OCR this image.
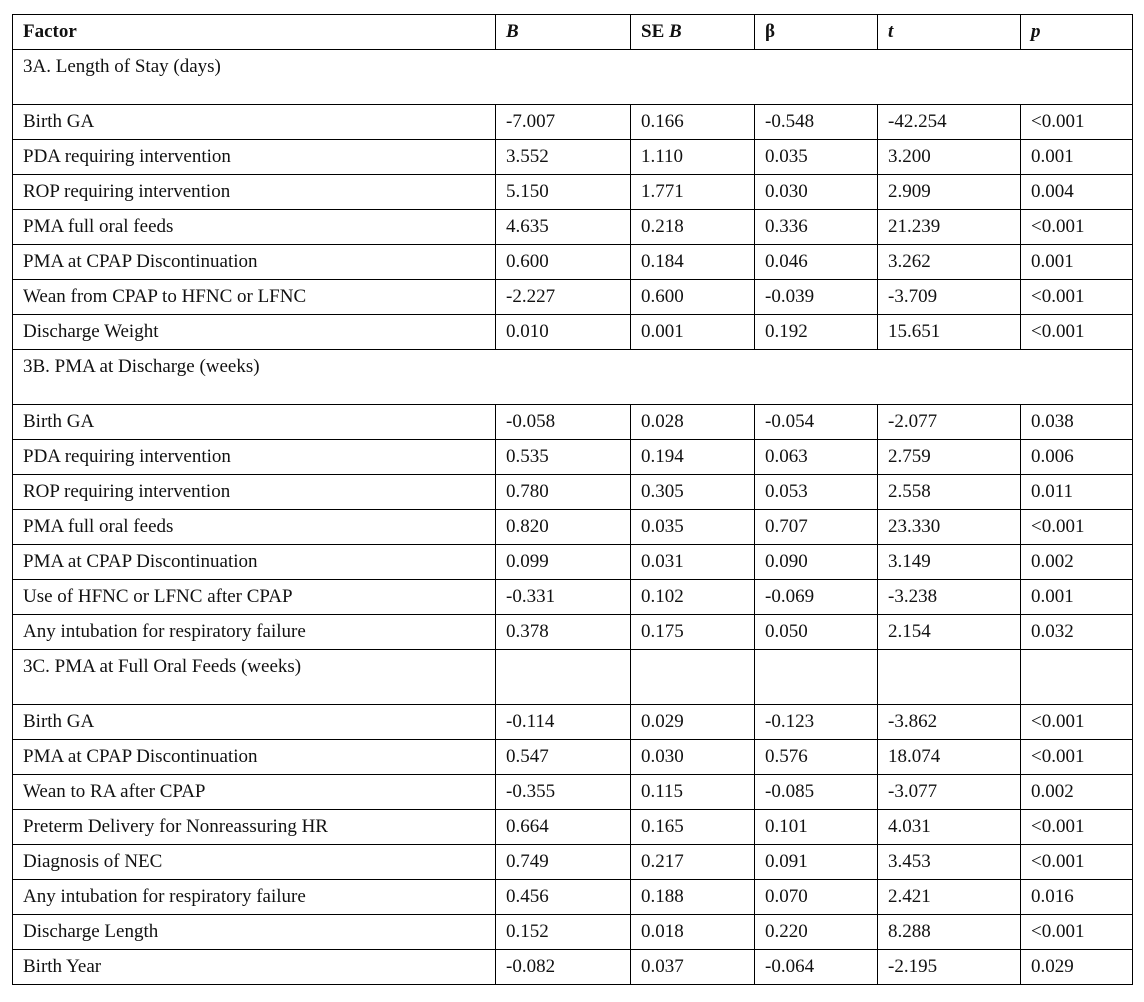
Factor	B	SE B	β	t	p
3A. Length of Stay (days)					
Birth GA	-7.007	0.166	-0.548	-42.254	<0.001
PDA requiring intervention	3.552	1.110	0.035	3.200	0.001
ROP requiring intervention	5.150	1.771	0.030	2.909	0.004
PMA full oral feeds	4.635	0.218	0.336	21.239	<0.001
PMA at CPAP Discontinuation	0.600	0.184	0.046	3.262	0.001
Wean from CPAP to HFNC or LFNC	-2.227	0.600	-0.039	-3.709	<0.001
Discharge Weight	0.010	0.001	0.192	15.651	<0.001
3B. PMA at Discharge (weeks)					
Birth GA	-0.058	0.028	-0.054	-2.077	0.038
PDA requiring intervention	0.535	0.194	0.063	2.759	0.006
ROP requiring intervention	0.780	0.305	0.053	2.558	0.011
PMA full oral feeds	0.820	0.035	0.707	23.330	<0.001
PMA at CPAP Discontinuation	0.099	0.031	0.090	3.149	0.002
Use of HFNC or LFNC after CPAP	-0.331	0.102	-0.069	-3.238	0.001
Any intubation for respiratory failure	0.378	0.175	0.050	2.154	0.032
3C. PMA at Full Oral Feeds (weeks)					
Birth GA	-0.114	0.029	-0.123	-3.862	<0.001
PMA at CPAP Discontinuation	0.547	0.030	0.576	18.074	<0.001
Wean to RA after CPAP	-0.355	0.115	-0.085	-3.077	0.002
Preterm Delivery for Nonreassuring HR	0.664	0.165	0.101	4.031	<0.001
Diagnosis of NEC	0.749	0.217	0.091	3.453	<0.001
Any intubation for respiratory failure	0.456	0.188	0.070	2.421	0.016
Discharge Length	0.152	0.018	0.220	8.288	<0.001
Birth Year	-0.082	0.037	-0.064	-2.195	0.029
